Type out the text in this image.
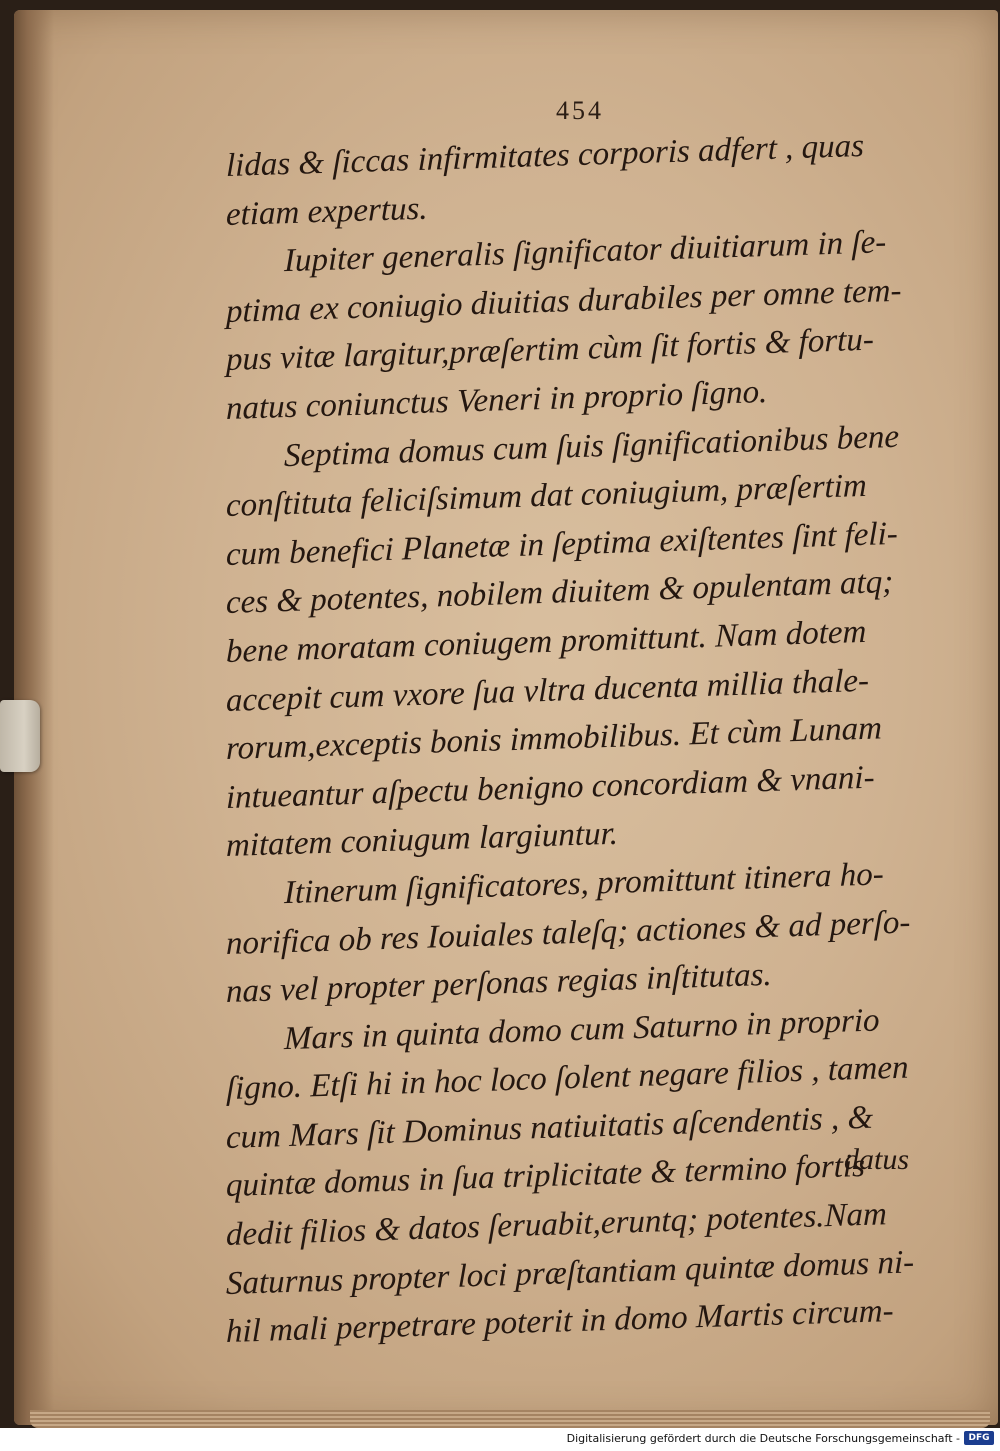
454
lidas & ſiccas infirmitates corporis adfert , quas
etiam expertus.
Iupiter generalis ſignificator diuitiarum in ſe-
ptima ex coniugio diuitias durabiles per omne tem-
pus vitæ largitur,præſertim cùm ſit fortis & fortu-
natus coniunctus Veneri in proprio ſigno.
Septima domus cum ſuis ſignificationibus bene
conſtituta feliciſsimum dat coniugium, præſertim
cum benefici Planetæ in ſeptima exiſtentes ſint feli-
ces & potentes, nobilem diuitem & opulentam atq;
bene moratam coniugem promittunt. Nam dotem
accepit cum vxore ſua vltra ducenta millia thale-
rorum,exceptis bonis immobilibus. Et cùm Lunam
intueantur aſpectu benigno concordiam & vnani-
mitatem coniugum largiuntur.
Itinerum ſignificatores, promittunt itinera ho-
norifica ob res Iouiales taleſq; actiones & ad perſo-
nas vel propter perſonas regias inſtitutas.
Mars in quinta domo cum Saturno in proprio
ſigno. Etſi hi in hoc loco ſolent negare filios , tamen
cum Mars ſit Dominus natiuitatis aſcendentis , &
quintæ domus in ſua triplicitate & termino fortis
dedit filios & datos ſeruabit,eruntq; potentes.Nam
Saturnus propter loci præſtantiam quintæ domus ni-
hil mali perpetrare poterit in domo Martis circum-
datus
Digitalisierung gefördert durch die Deutsche Forschungsgemeinschaft - DFG
